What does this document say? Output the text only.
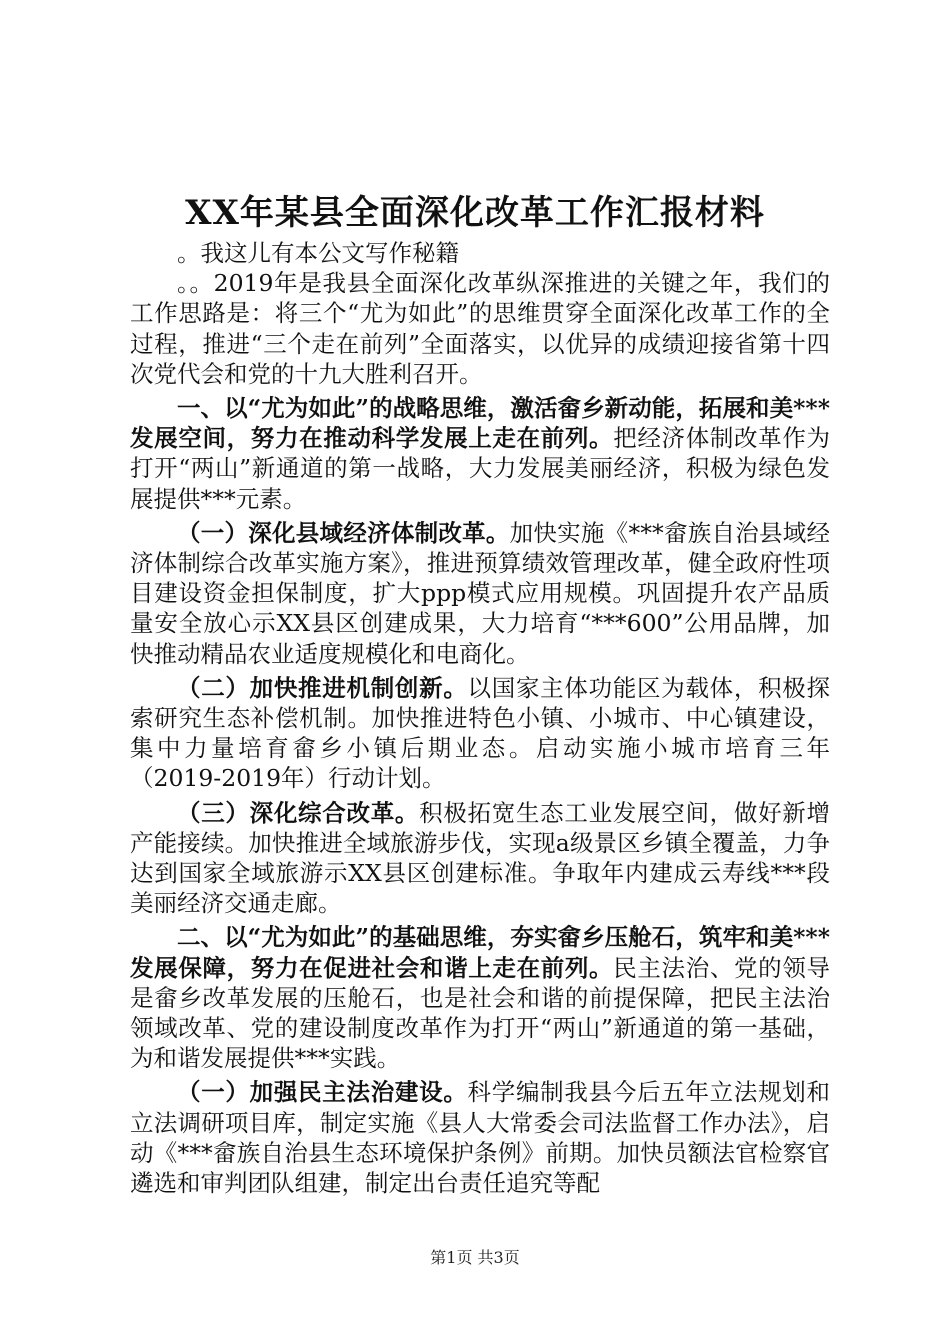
XX年某县全面深化改革工作汇报材料

。我这儿有本公文写作秘籍

。。2019年是我县全面深化改革纵深推进的关键之年，我们的工作思路是：将三个“尤为如此”的思维贯穿全面深化改革工作的全过程，推进“三个走在前列”全面落实，以优异的成绩迎接省第十四次党代会和党的十九大胜利召开。

一、以“尤为如此”的战略思维，激活畲乡新动能，拓展和美***发展空间，努力在推动科学发展上走在前列。把经济体制改革作为打开“两山”新通道的第一战略，大力发展美丽经济，积极为绿色发展提供***元素。

（一）深化县域经济体制改革。加快实施《***畲族自治县域经济体制综合改革实施方案》，推进预算绩效管理改革，健全政府性项目建设资金担保制度，扩大ppp模式应用规模。巩固提升农产品质量安全放心示XX县区创建成果，大力培育“***600”公用品牌，加快推动精品农业适度规模化和电商化。

（二）加快推进机制创新。以国家主体功能区为载体，积极探索研究生态补偿机制。加快推进特色小镇、小城市、中心镇建设，集中力量培育畲乡小镇后期业态。启动实施小城市培育三年（2019-2019年）行动计划。

（三）深化综合改革。积极拓宽生态工业发展空间，做好新增产能接续。加快推进全域旅游步伐，实现a级景区乡镇全覆盖，力争达到国家全域旅游示XX县区创建标准。争取年内建成云寿线***段美丽经济交通走廊。

二、以“尤为如此”的基础思维，夯实畲乡压舱石，筑牢和美***发展保障，努力在促进社会和谐上走在前列。民主法治、党的领导是畲乡改革发展的压舱石，也是社会和谐的前提保障，把民主法治领域改革、党的建设制度改革作为打开“两山”新通道的第一基础，为和谐发展提供***实践。

（一）加强民主法治建设。科学编制我县今后五年立法规划和立法调研项目库，制定实施《县人大常委会司法监督工作办法》，启动《***畲族自治县生态环境保护条例》前期。加快员额法官检察官遴选和审判团队组建，制定出台责任追究等配

第1页 共3页
